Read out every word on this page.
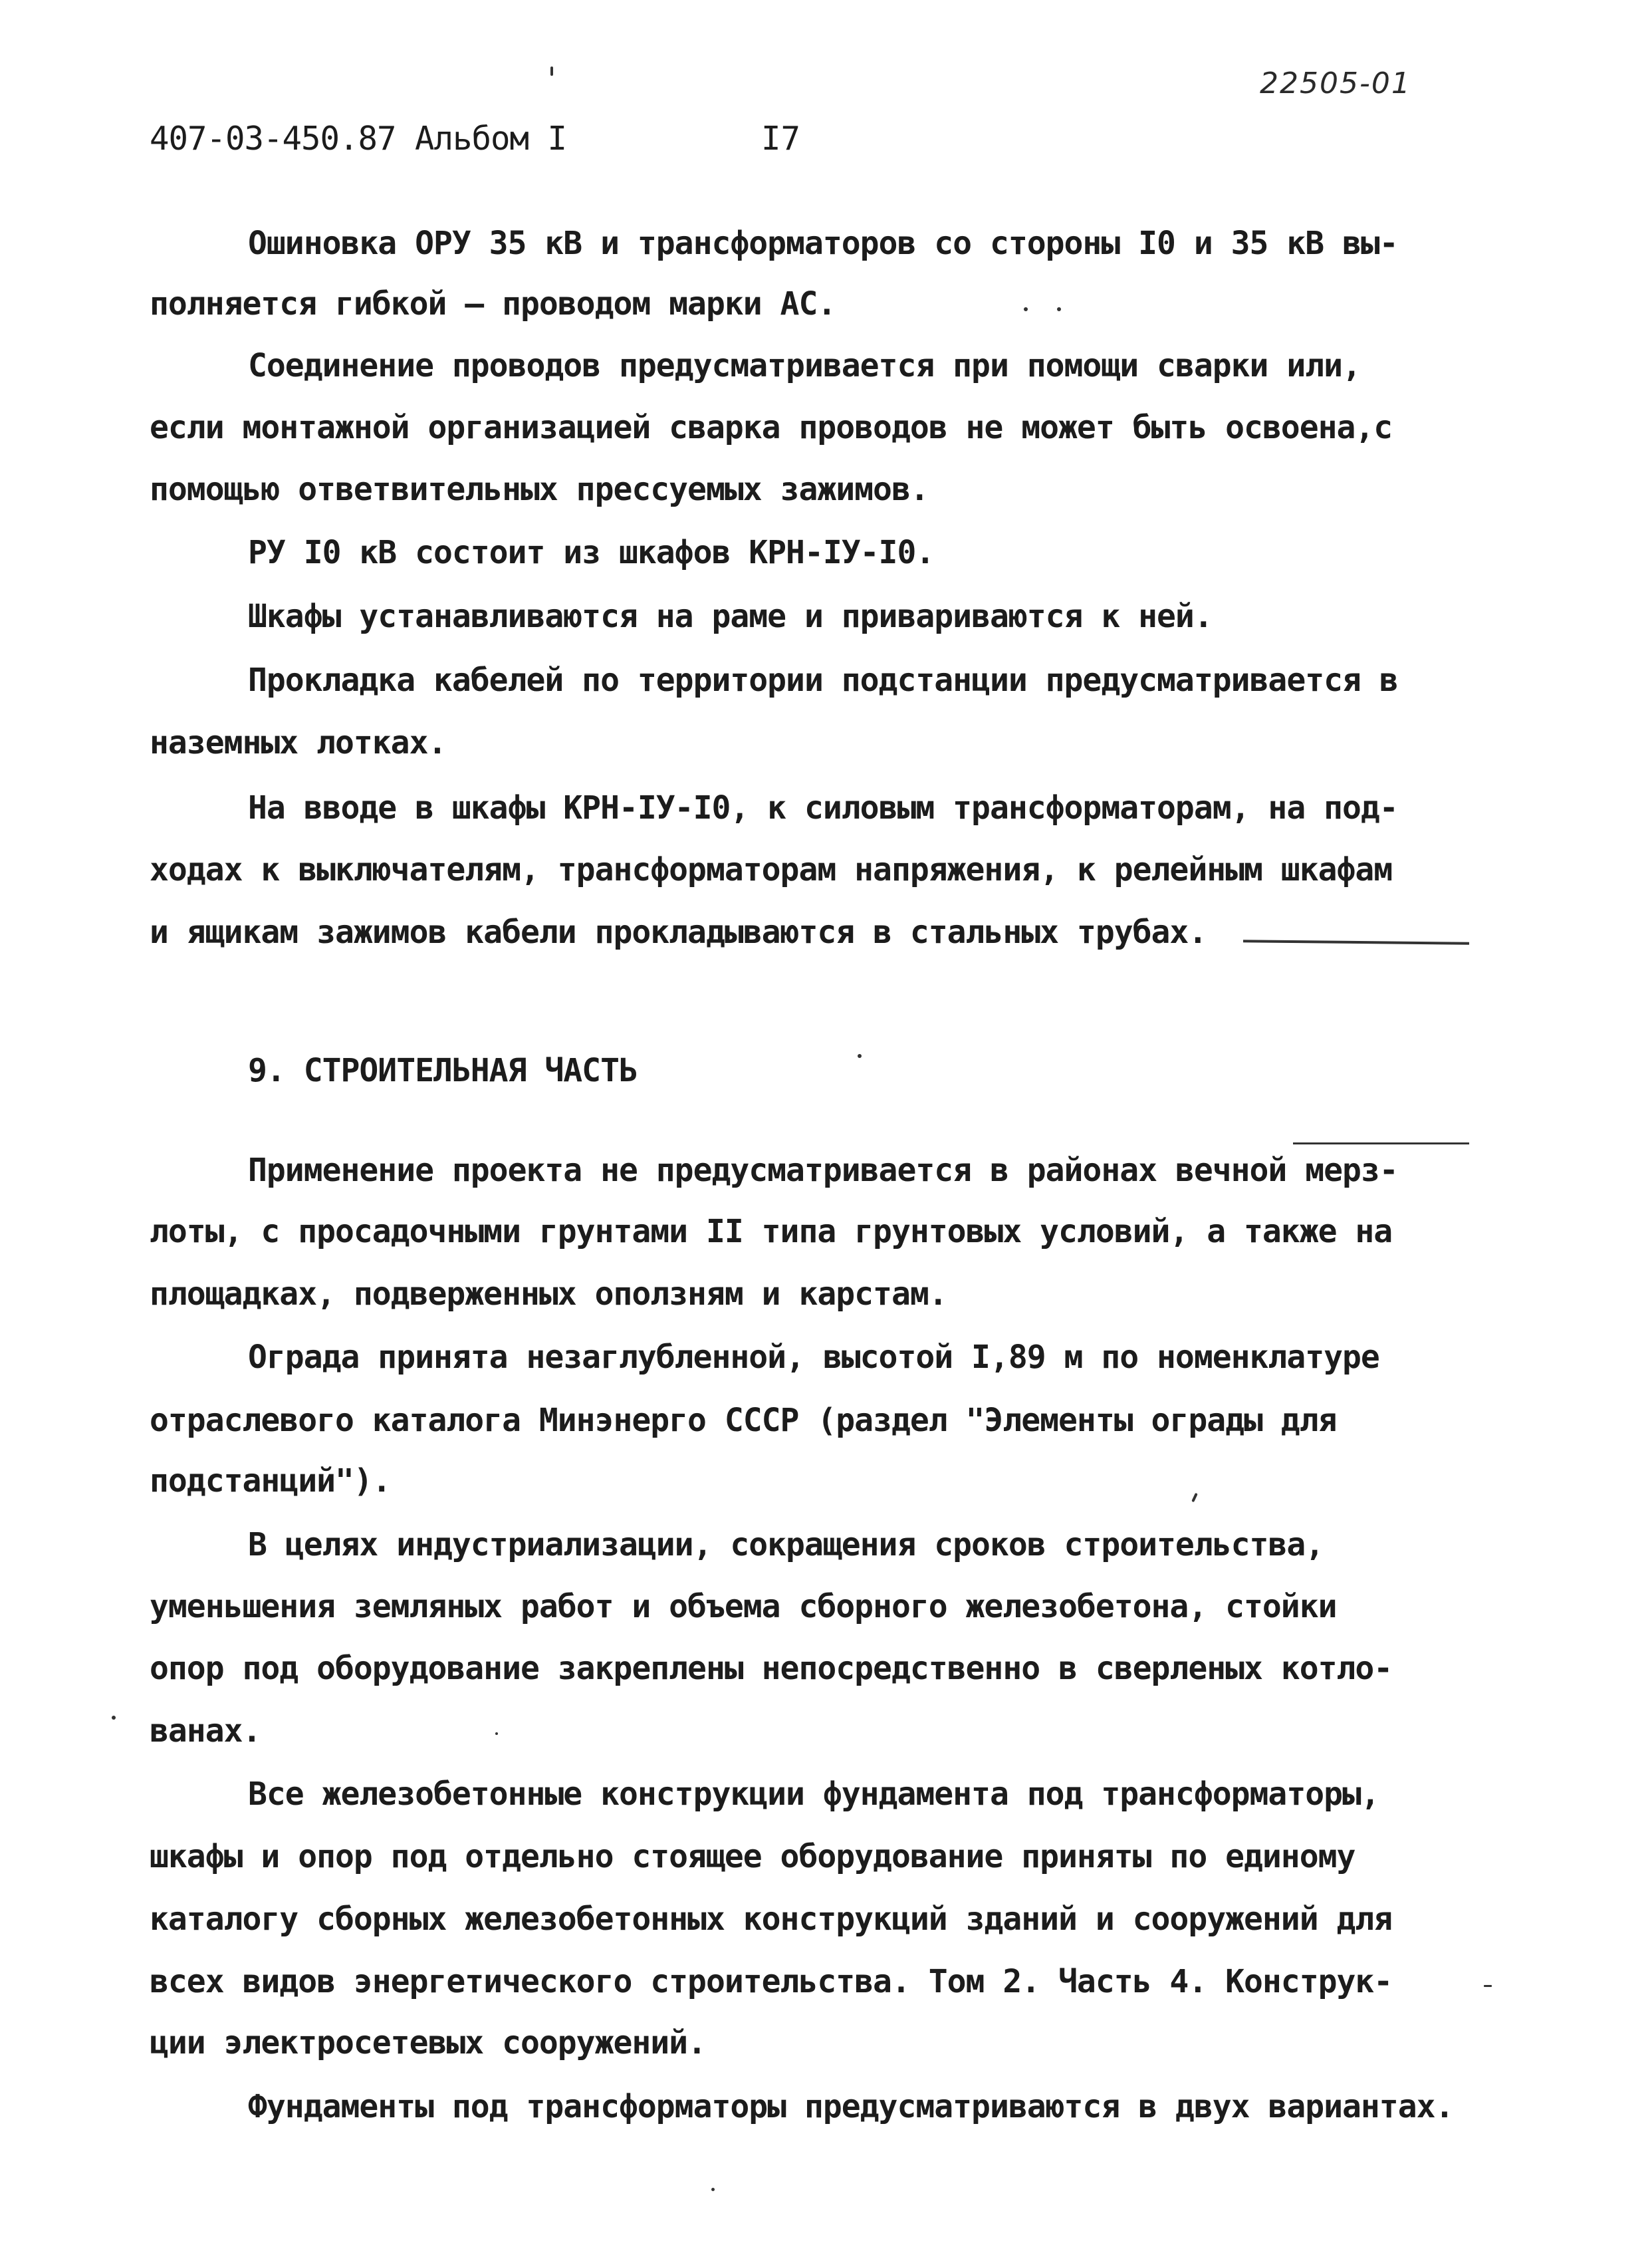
22505-01
407-03-450.87 Альбом I	I7
Ошиновка ОРУ 35 кВ и трансформаторов со стороны I0 и 35 кВ вы-
полняется гибкой – проводом марки АС.
Соединение проводов предусматривается при помощи сварки или,
если монтажной организацией сварка проводов не может быть освоена,с
помощью ответвительных прессуемых зажимов.
РУ I0 кВ состоит из шкафов КРН-IУ-I0.
Шкафы устанавливаются на раме и привариваются к ней.
Прокладка кабелей по территории подстанции предусматривается в
наземных лотках.
На вводе в шкафы КРН-IУ-I0, к силовым трансформаторам, на под-
ходах к выключателям, трансформаторам напряжения, к релейным шкафам
и ящикам зажимов кабели прокладываются в стальных трубах.
9. СТРОИТЕЛЬНАЯ ЧАСТЬ
Применение проекта не предусматривается в районах вечной мерз-
лоты, с просадочными грунтами II типа грунтовых условий, а также на
площадках, подверженных оползням и карстам.
Ограда принята незаглубленной, высотой I,89 м по номенклатуре
отраслевого каталога Минэнерго СССР (раздел "Элементы ограды для
подстанций").
В целях индустриализации, сокращения сроков строительства,
уменьшения земляных работ и объема сборного железобетона, стойки
опор под оборудование закреплены непосредственно в сверленых котло-
ванах.
Все железобетонные конструкции фундамента под трансформаторы,
шкафы и опор под отдельно стоящее оборудование приняты по единому
каталогу сборных железобетонных конструкций зданий и сооружений для
всех видов энергетического строительства. Том 2. Часть 4. Конструк-
ции электросетевых сооружений.
Фундаменты под трансформаторы предусматриваются в двух вариантах.
